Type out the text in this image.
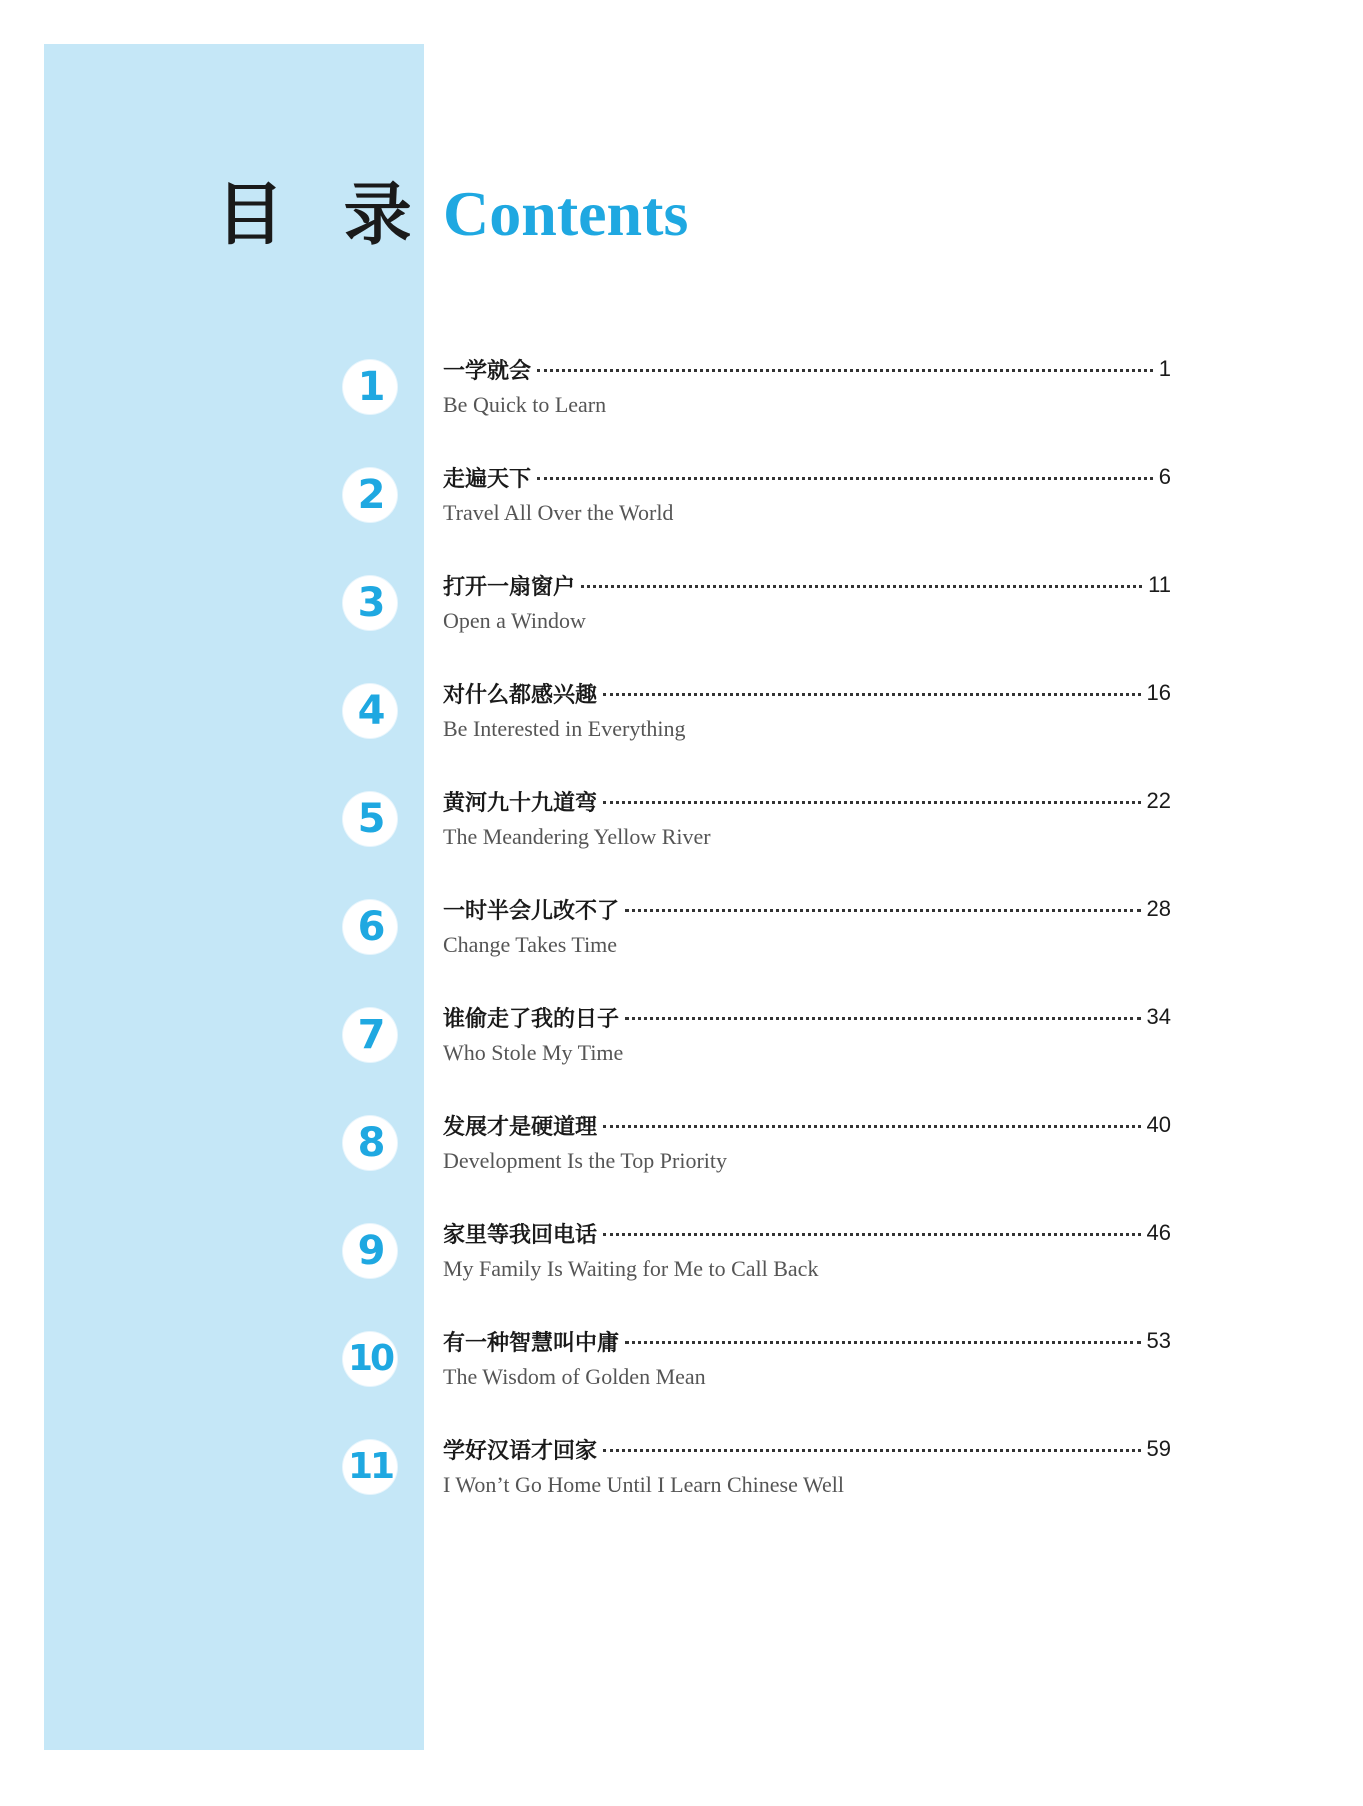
目 录 Contents
1	一学就会	1
Be Quick to Learn
2	走遍天下	6
Travel All Over the World
3	打开一扇窗户	11
Open a Window
4	对什么都感兴趣	16
Be Interested in Everything
5	黄河九十九道弯	22
The Meandering Yellow River
6	一时半会儿改不了	28
Change Takes Time
7	谁偷走了我的日子	34
Who Stole My Time
8	发展才是硬道理	40
Development Is the Top Priority
9	家里等我回电话	46
My Family Is Waiting for Me to Call Back
10 有一种智慧叫中庸	53
The Wisdom of Golden Mean
11 学好汉语才回家	59
I Won’t Go Home Until I Learn Chinese Well
